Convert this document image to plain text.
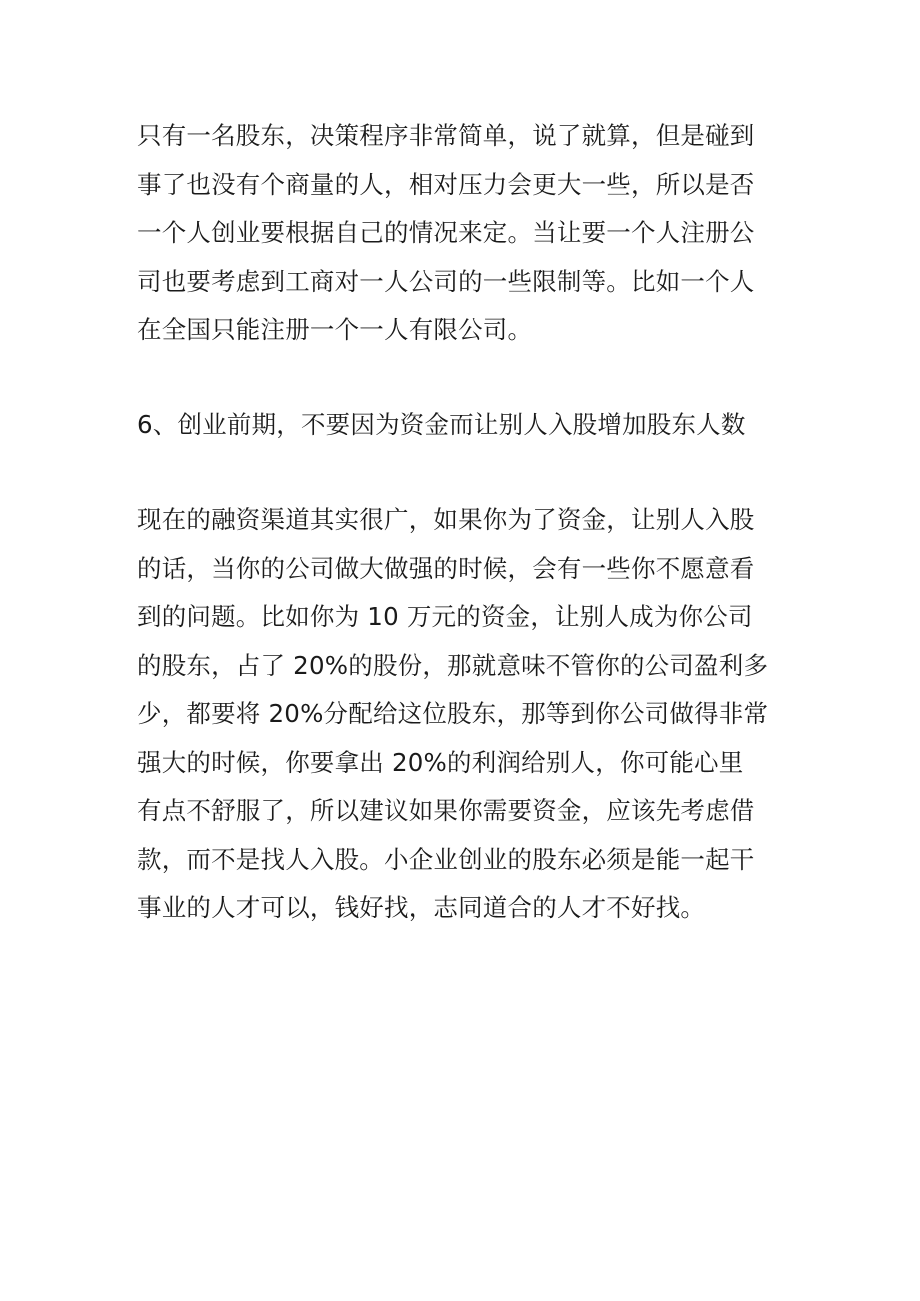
只有一名股东，决策程序非常简单，说了就算，但是碰到
事了也没有个商量的人，相对压力会更大一些，所以是否
一个人创业要根据自己的情况来定。当让要一个人注册公
司也要考虑到工商对一人公司的一些限制等。比如一个人
在全国只能注册一个一人有限公司。
6、创业前期，不要因为资金而让别人入股增加股东人数
现在的融资渠道其实很广，如果你为了资金，让别人入股
的话，当你的公司做大做强的时候，会有一些你不愿意看
到的问题。比如你为 10 万元的资金，让别人成为你公司
的股东，占了 20%的股份，那就意味不管你的公司盈利多
少，都要将 20%分配给这位股东，那等到你公司做得非常
强大的时候，你要拿出 20%的利润给别人，你可能心里
有点不舒服了，所以建议如果你需要资金，应该先考虑借
款，而不是找人入股。小企业创业的股东必须是能一起干
事业的人才可以，钱好找，志同道合的人才不好找。
